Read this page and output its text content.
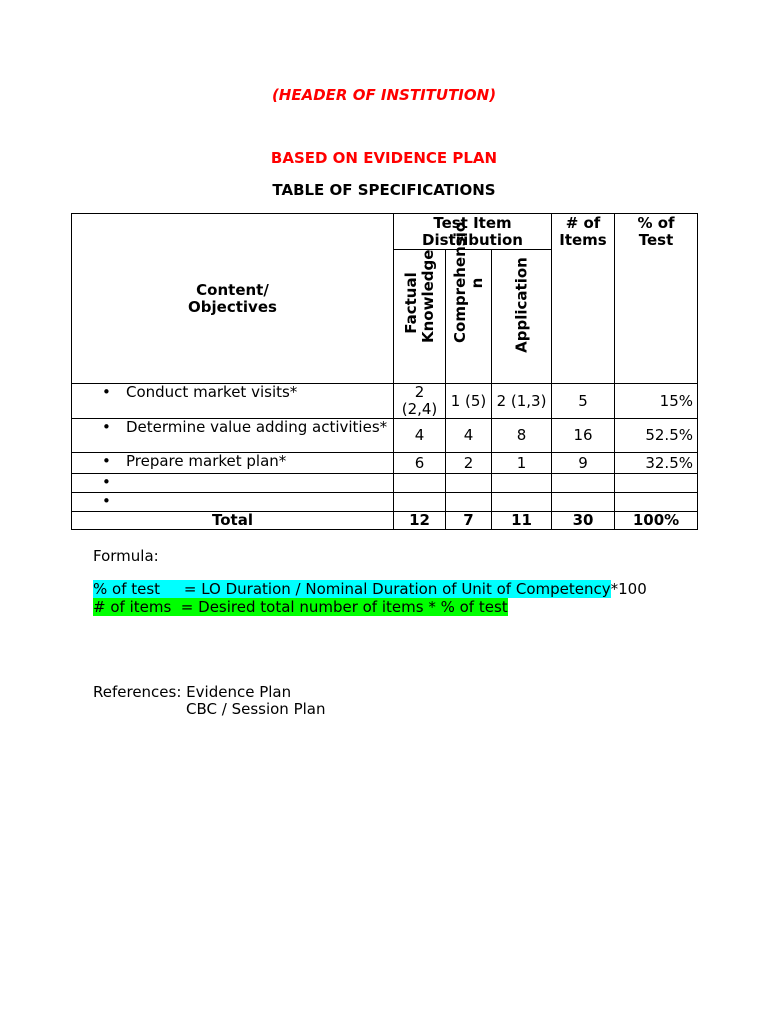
(HEADER OF INSTITUTION)
BASED ON EVIDENCE PLAN
TABLE OF SPECIFICATIONS
Content/ Objectives	Test Item Distribution			# of Items	% of Test

	Factual Knowledge	Comprehensio n	Application		

• Conduct market visits*	2 (2,4)	1 (5)	2 (1,3)	5	15%

• Determine value adding activities*	4	4	8	16	52.5%

• Prepare market plan*	6	2	1	9	32.5%

•					

•					

Total	12	7	11	30	100%
Formula:
% of test     = LO Duration / Nominal Duration of Unit of Competency*100
# of items  = Desired total number of items * % of test
References: Evidence Plan
CBC / Session Plan
